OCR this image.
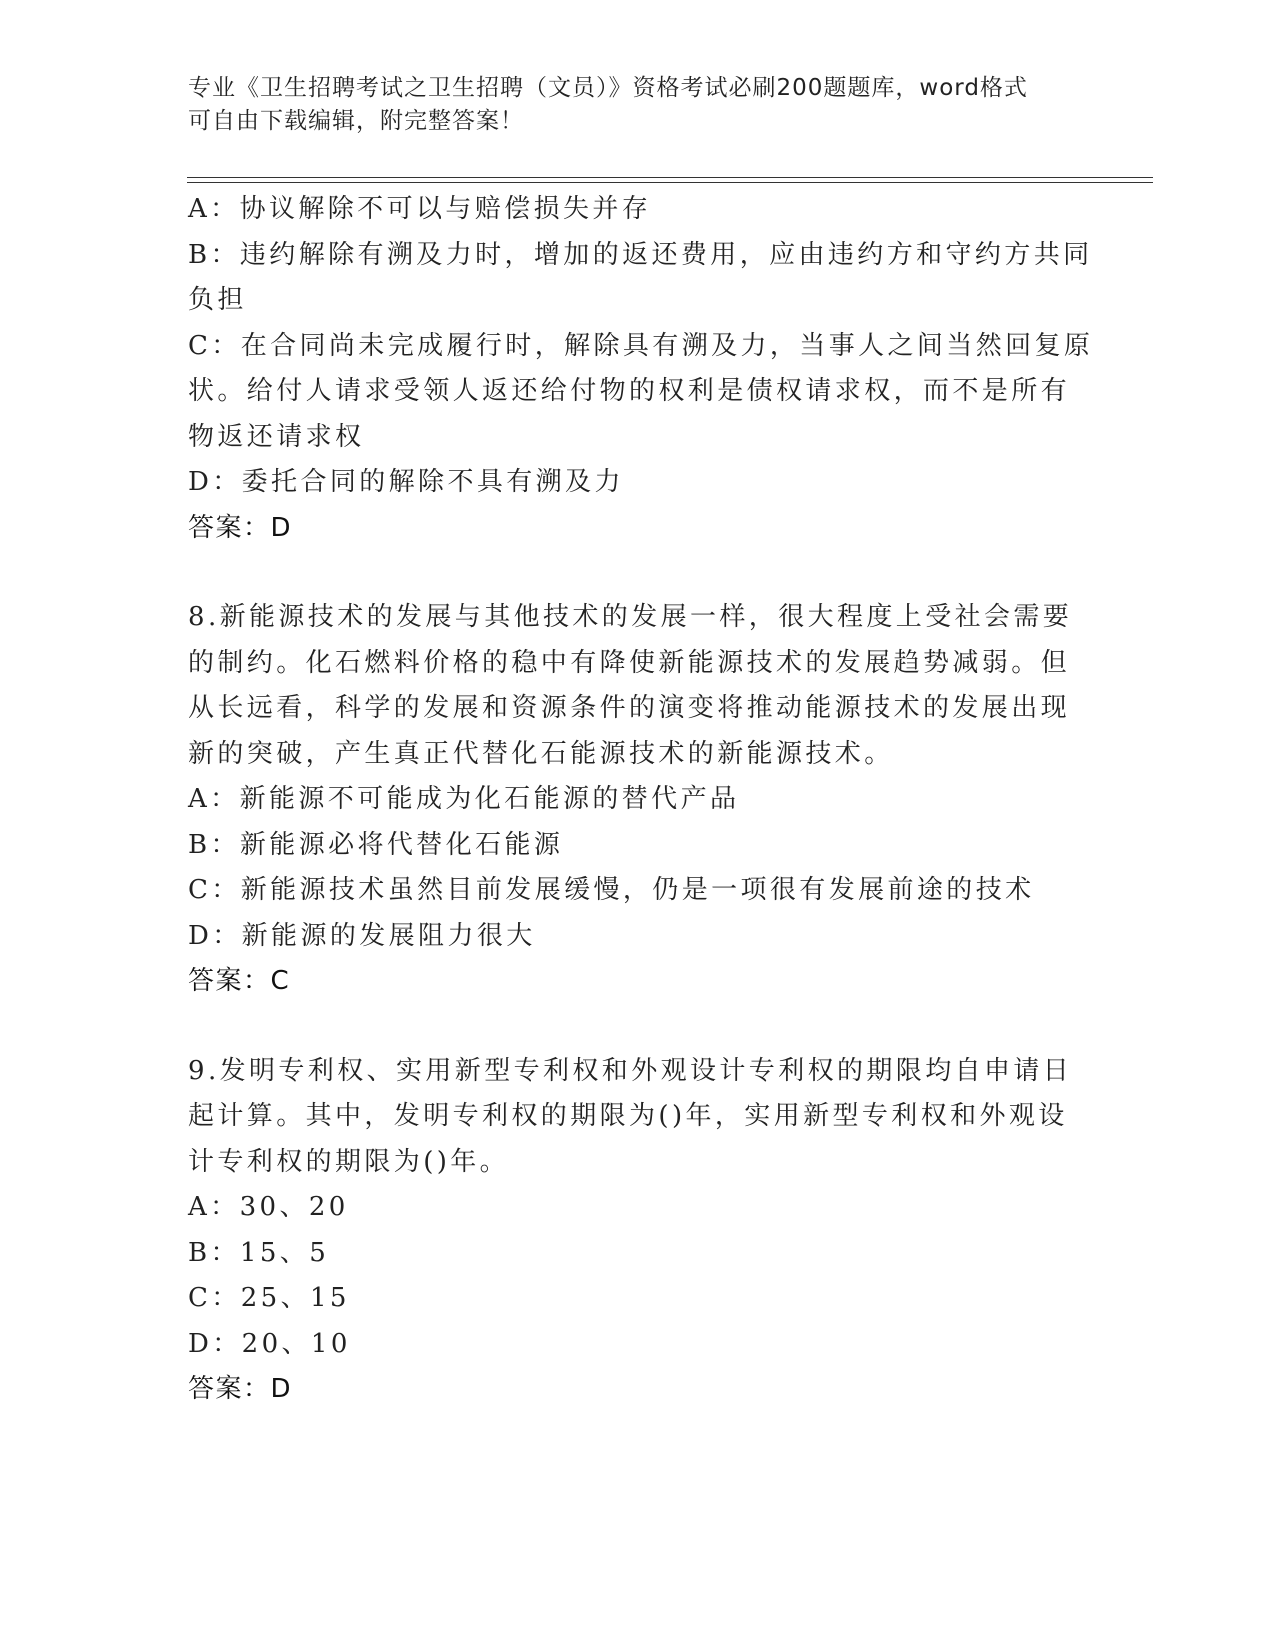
专业《卫生招聘考试之卫生招聘（文员）》资格考试必刷200题题库，word格式
可自由下载编辑，附完整答案！
A：协议解除不可以与赔偿损失并存
B：违约解除有溯及力时，增加的返还费用，应由违约方和守约方共同
负担
C：在合同尚未完成履行时，解除具有溯及力，当事人之间当然回复原
状。给付人请求受领人返还给付物的权利是债权请求权，而不是所有
物返还请求权
D：委托合同的解除不具有溯及力
答案：D
8.新能源技术的发展与其他技术的发展一样，很大程度上受社会需要
的制约。化石燃料价格的稳中有降使新能源技术的发展趋势减弱。但
从长远看，科学的发展和资源条件的演变将推动能源技术的发展出现
新的突破，产生真正代替化石能源技术的新能源技术。
A：新能源不可能成为化石能源的替代产品
B：新能源必将代替化石能源
C：新能源技术虽然目前发展缓慢，仍是一项很有发展前途的技术
D：新能源的发展阻力很大
答案：C
9.发明专利权、实用新型专利权和外观设计专利权的期限均自申请日
起计算。其中，发明专利权的期限为()年，实用新型专利权和外观设
计专利权的期限为()年。
A：30、20
B：15、5
C：25、15
D：20、10
答案：D
